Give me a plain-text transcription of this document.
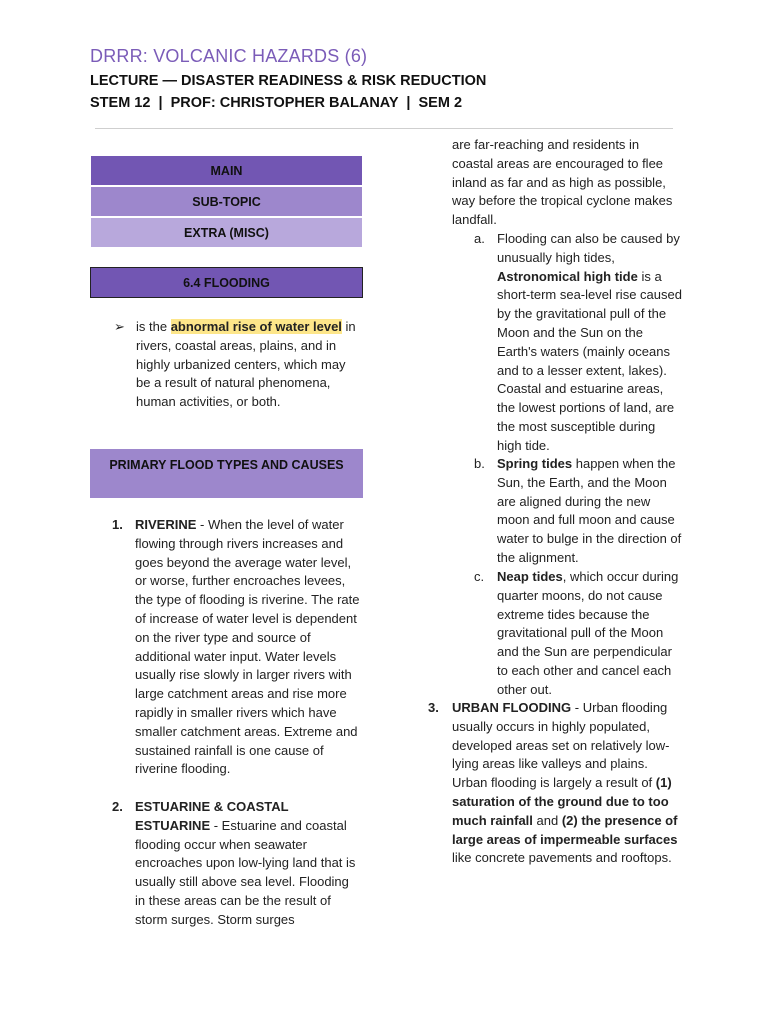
DRRR: VOLCANIC HAZARDS (6)
LECTURE — DISASTER READINESS & RISK REDUCTION
STEM 12  |  PROF: CHRISTOPHER BALANAY  |  SEM 2
MAIN
SUB-TOPIC
EXTRA (MISC)
6.4 FLOODING
➢ is the abnormal rise of water level in rivers, coastal areas, plains, and in highly urbanized centers, which may be a result of natural phenomena, human activities, or both.
PRIMARY FLOOD TYPES AND CAUSES
1. RIVERINE - When the level of water flowing through rivers increases and goes beyond the average water level, or worse, further encroaches levees, the type of flooding is riverine. The rate of increase of water level is dependent on the river type and source of additional water input. Water levels usually rise slowly in larger rivers with large catchment areas and rise more rapidly in smaller rivers which have smaller catchment areas. Extreme and sustained rainfall is one cause of riverine flooding.
2. ESTUARINE & COASTAL ESTUARINE - Estuarine and coastal flooding occur when seawater encroaches upon low-lying land that is usually still above sea level. Flooding in these areas can be the result of storm surges. Storm surges
are far-reaching and residents in coastal areas are encouraged to flee inland as far and as high as possible, way before the tropical cyclone makes landfall.
a. Flooding can also be caused by unusually high tides, Astronomical high tide is a short-term sea-level rise caused by the gravitational pull of the Moon and the Sun on the Earth's waters (mainly oceans and to a lesser extent, lakes). Coastal and estuarine areas, the lowest portions of land, are the most susceptible during high tide.
b. Spring tides happen when the Sun, the Earth, and the Moon are aligned during the new moon and full moon and cause water to bulge in the direction of the alignment.
c. Neap tides, which occur during quarter moons, do not cause extreme tides because the gravitational pull of the Moon and the Sun are perpendicular to each other and cancel each other out.
3. URBAN FLOODING - Urban flooding usually occurs in highly populated, developed areas set on relatively low-lying areas like valleys and plains. Urban flooding is largely a result of (1) saturation of the ground due to too much rainfall and (2) the presence of large areas of impermeable surfaces like concrete pavements and rooftops.
